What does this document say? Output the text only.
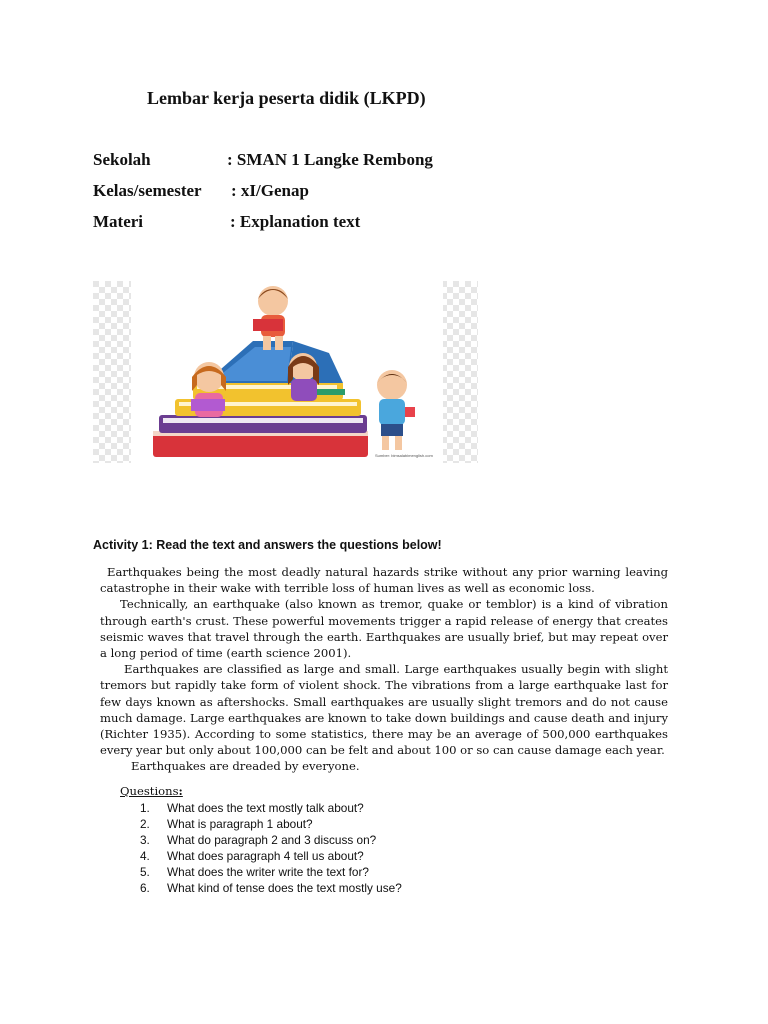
Lembar kerja peserta didik (LKPD)
Sekolah	: SMAN 1 Langke Rembong
Kelas/semester : xI/Genap
Materi	: Explanation text
Sumber: bimsalabimenglish.com
Activity 1: Read the text and answers the questions below!

Earthquakes being the most deadly natural hazards strike without any prior warning leaving catastrophe in their wake with terrible loss of human lives as well as economic loss.

Technically, an earthquake (also known as tremor, quake or temblor) is a kind of vibration through earth's crust. These powerful movements trigger a rapid release of energy that creates seismic waves that travel through the earth. Earthquakes are usually brief, but may repeat over a long period of time (earth science 2001).

Earthquakes are classified as large and small. Large earthquakes usually begin with slight tremors but rapidly take form of violent shock. The vibrations from a large earthquake last for few days known as aftershocks. Small earthquakes are usually slight tremors and do not cause much damage. Large earthquakes are known to take down buildings and cause death and injury (Richter 1935). According to some statistics, there may be an average of 500,000 earthquakes every year but only about 100,000 can be felt and about 100 or so can cause damage each year.

Earthquakes are dreaded by everyone.

Questions:
1.	What does the text mostly talk about?
2.	What is paragraph 1 about?
3.	What do paragraph 2 and 3 discuss on?
4.	What does paragraph 4 tell us about?
5.	What does the writer write the text for?
6.	What kind of tense does the text mostly use?
